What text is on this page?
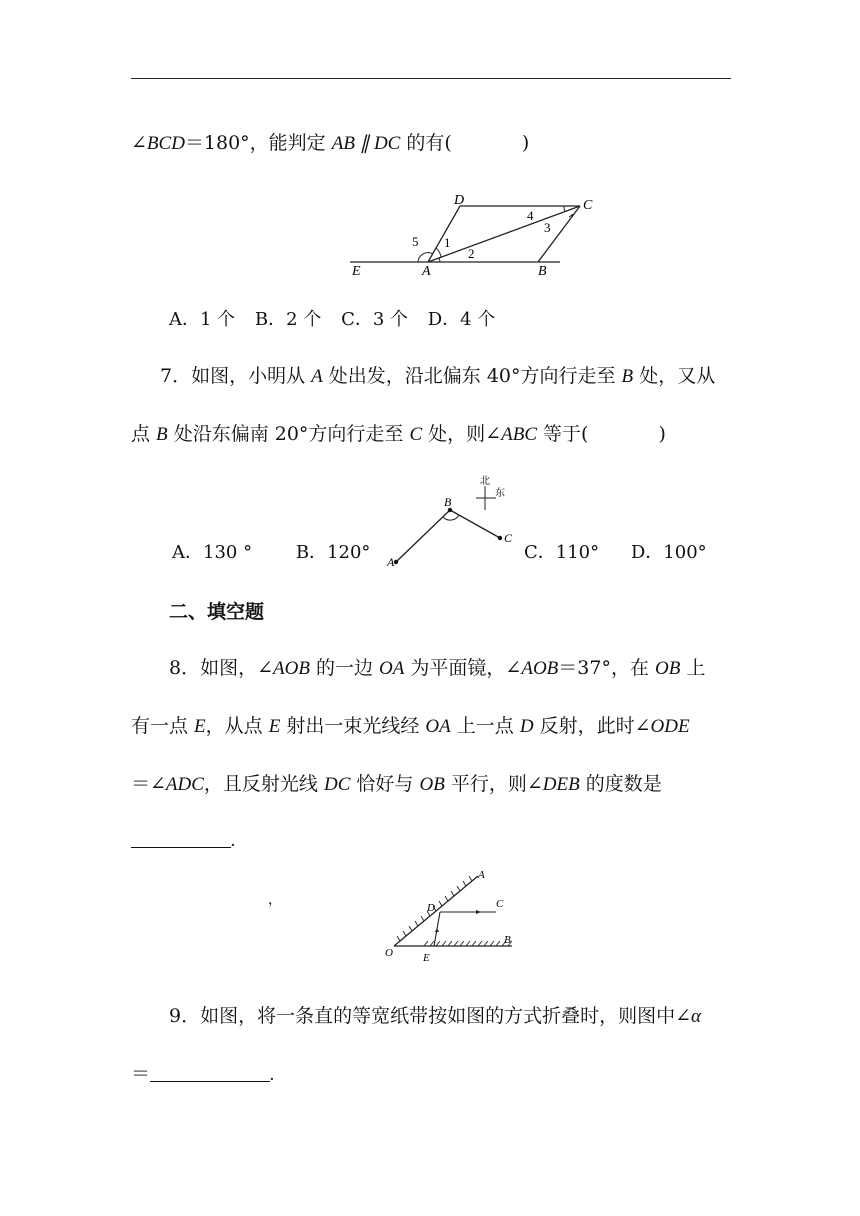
∠BCD＝180°，能判定 AB ∥ DC 的有(	)
D	C
E	A	B
1
2
3
4
5
A．1 个 B．2 个 C．3 个 D．4 个
7．如图，小明从 A 处出发，沿北偏东 40°方向行走至 B 处，又从
点 B 处沿东偏南 20°方向行走至 C 处，则∠ABC 等于(	)
A．130 ° B．120°
北
东
B
A
C
C．110° D．100°
二、填空题
8．如图，∠AOB 的一边 OA 为平面镜，∠AOB＝37°，在 OB 上
有一点 E，从点 E 射出一束光线经 OA 上一点 D 反射，此时∠ODE
＝∠ADC，且反射光线 DC 恰好与 OB 平行，则∠DEB 的度数是
.
，
A
C
D
B
O	E
9．如图，将一条直的等宽纸带按如图的方式折叠时，则图中∠α
＝	.
